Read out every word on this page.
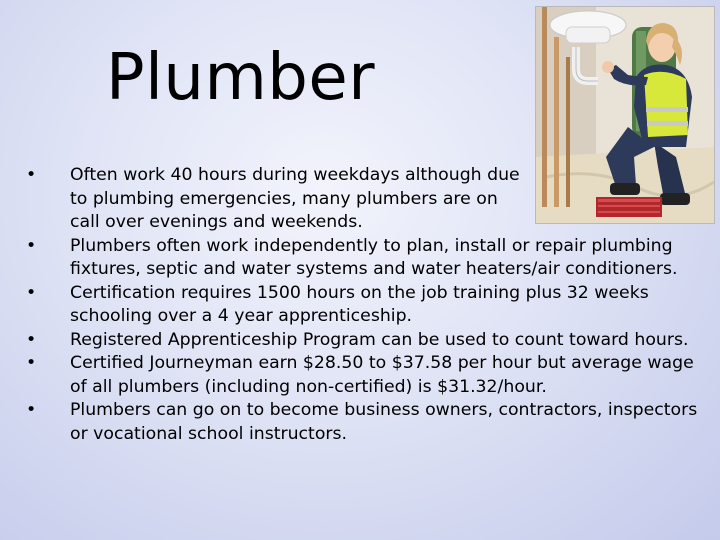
Plumber
• Often work 40 hours during weekdays although due to plumbing emergencies, many plumbers are on call over evenings and weekends.
• Plumbers often work independently to plan, install or repair plumbing fixtures, septic and water systems and water heaters/air conditioners.
• Certification requires 1500 hours on the job training plus 32 weeks schooling over a 4 year apprenticeship.
• Registered Apprenticeship Program can be used to count toward hours.
• Certified Journeyman earn $28.50 to $37.58 per hour but average wage of all plumbers (including non-certified) is $31.32/hour.
• Plumbers can go on to become business owners, contractors, inspectors or vocational school instructors.
